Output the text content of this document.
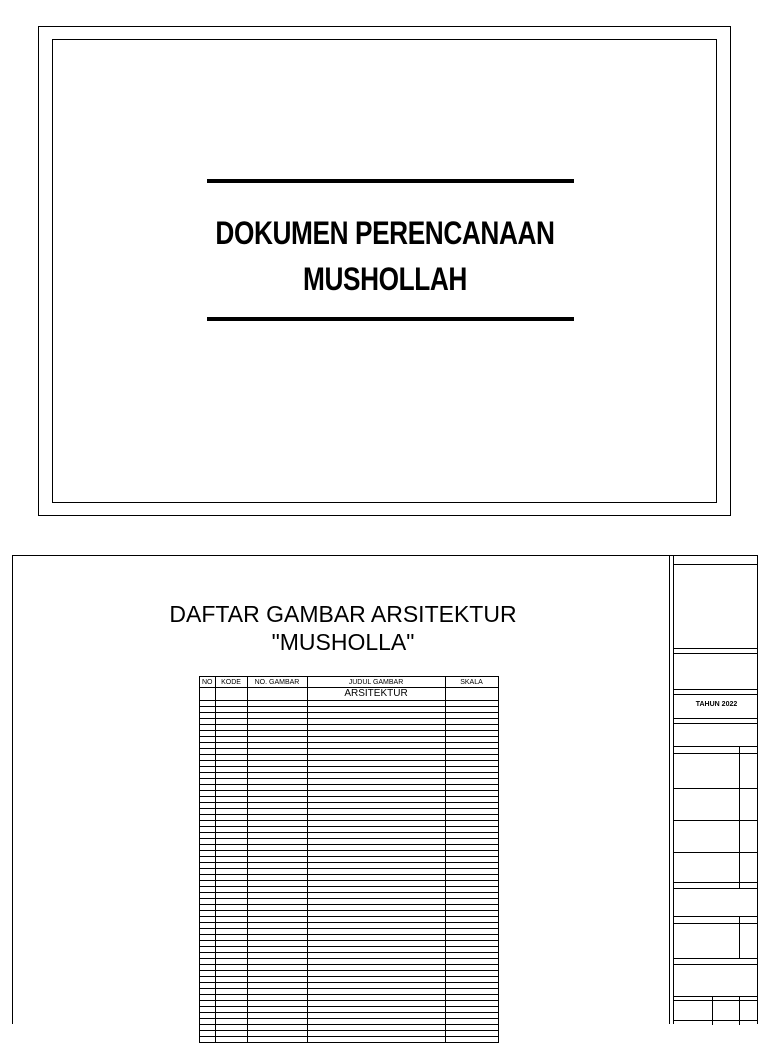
DOKUMEN PERENCANAAN
MUSHOLLAH
DAFTAR GAMBAR ARSITEKTUR
"MUSHOLLA"
NO	KODE	NO. GAMBAR	JUDUL GAMBAR	SKALA
			ARSITEKTUR	

TAHUN 2022
